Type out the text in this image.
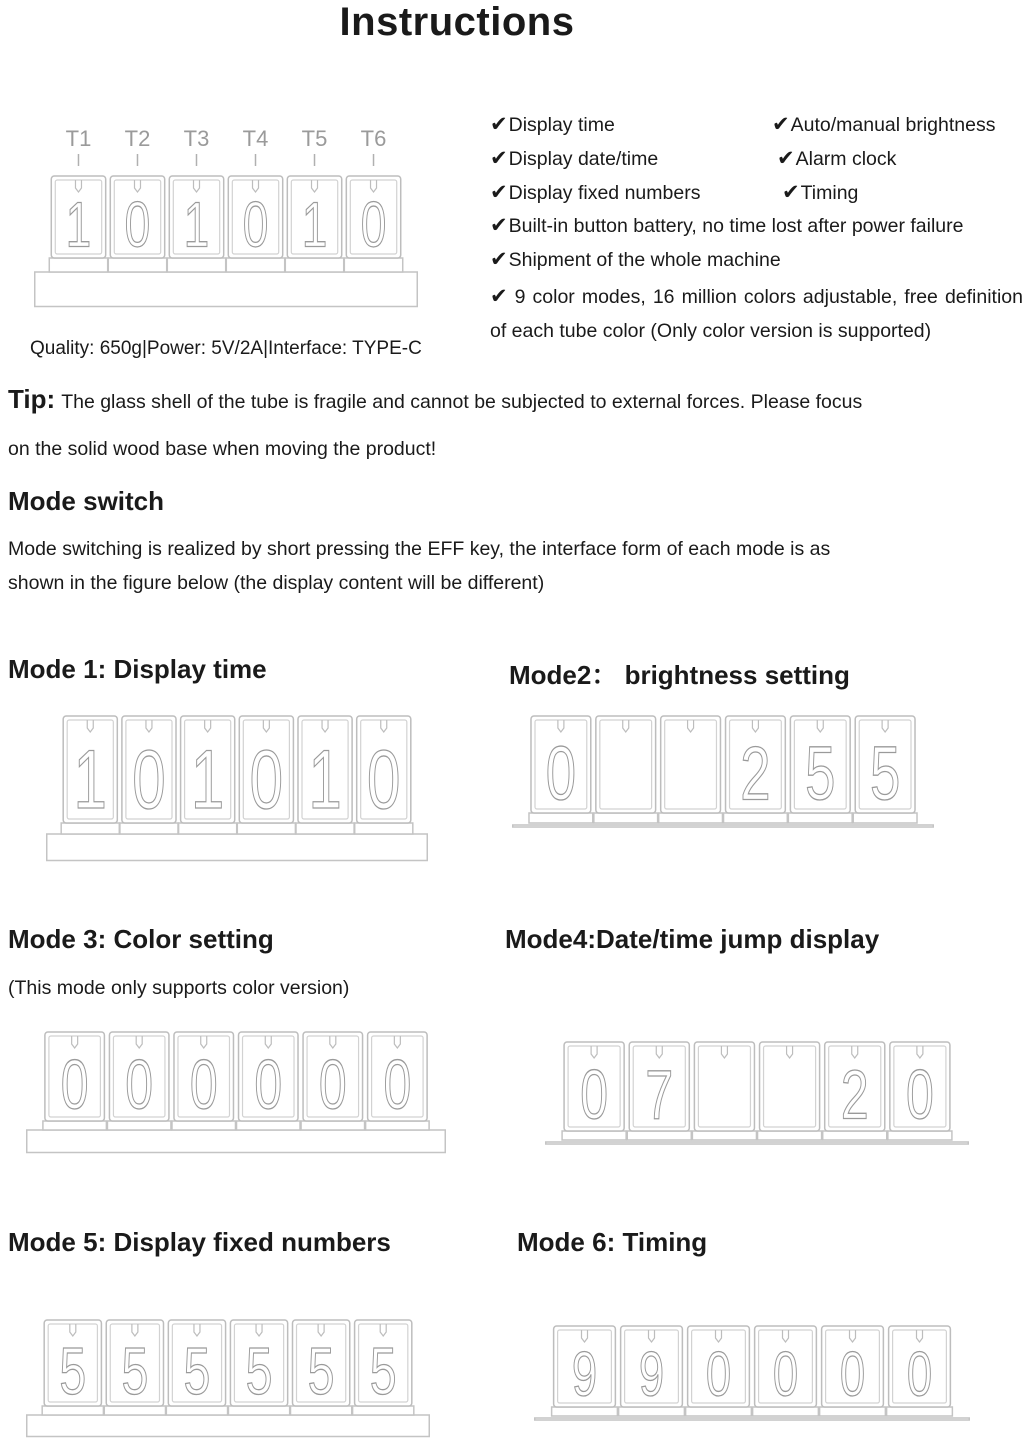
Instructions
1
T1
0
T2
1
T3
0
T4
1
T5
0
T6
Quality: 650g|Power: 5V/2A|Interface: TYPE-C
✔Display time	✔Auto/manual brightness
✔Display date/time	✔Alarm clock
✔Display fixed numbers	✔Timing
✔Built-in button battery, no time lost after power failure
✔Shipment of the whole machine
✔ 9 color modes, 16 million colors adjustable, free definition of each tube color (Only color version is supported)
Tip: The glass shell of the tube is fragile and cannot be subjected to external forces. Please focus
on the solid wood base when moving the product!
Mode switch
Mode switching is realized by short pressing the EFF key, the interface form of each mode is as
shown in the figure below (the display content will be different)
Mode 1: Display time
1 0 1 0 1 0
Mode2： brightness setting
0 2 5 5
Mode 3: Color setting
(This mode only supports color version)
0 0 0 0 0 0
Mode4:Date/time jump display
0 7 2 0
Mode 5: Display fixed numbers
5 5 5 5 5 5
Mode 6: Timing
9 9 0 0 0 0
